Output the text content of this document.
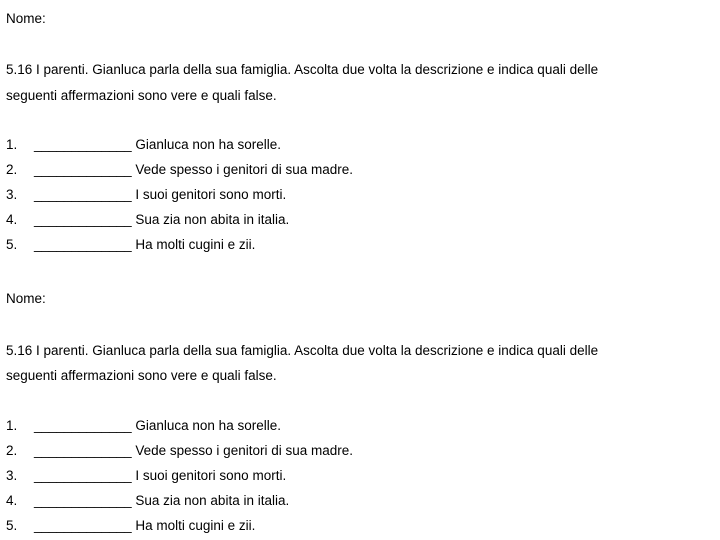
Nome:
5.16 I parenti. Gianluca parla della sua famiglia. Ascolta due volta la descrizione e indica quali delle
seguenti affermazioni sono vere e quali false.
1. _____________ Gianluca non ha sorelle.
2. _____________ Vede spesso i genitori di sua madre.
3. _____________ I suoi genitori sono morti.
4. _____________ Sua zia non abita in italia.
5. _____________ Ha molti cugini e zii.
Nome:
5.16 I parenti. Gianluca parla della sua famiglia. Ascolta due volta la descrizione e indica quali delle
seguenti affermazioni sono vere e quali false.
1. _____________ Gianluca non ha sorelle.
2. _____________ Vede spesso i genitori di sua madre.
3. _____________ I suoi genitori sono morti.
4. _____________ Sua zia non abita in italia.
5. _____________ Ha molti cugini e zii.
